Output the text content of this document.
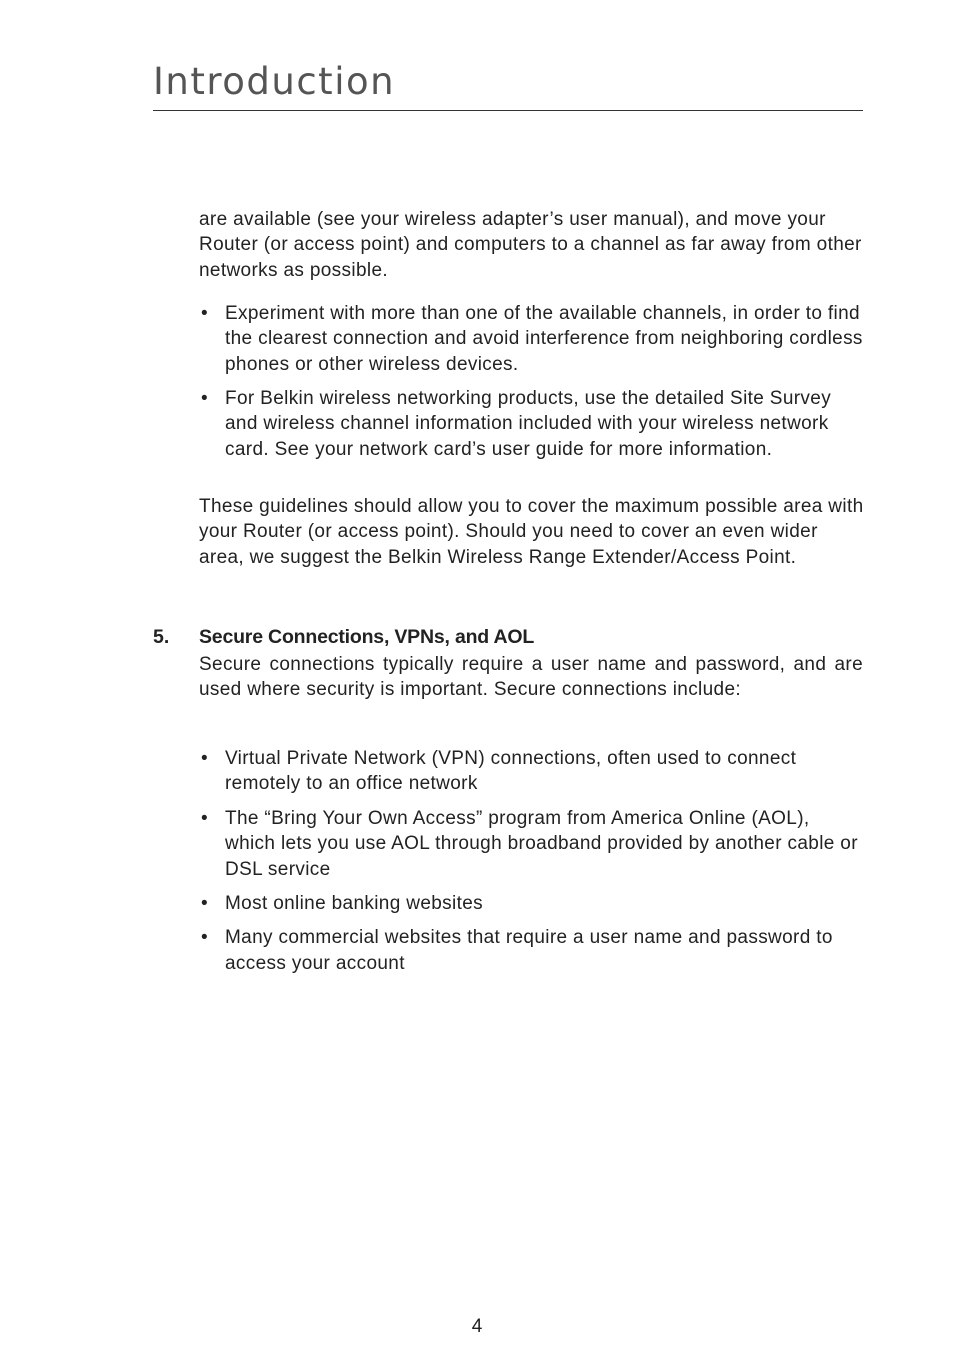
Introduction

are available (see your wireless adapter’s user manual), and move your Router (or access point) and computers to a channel as far away from other networks as possible.

• Experiment with more than one of the available channels, in order to find the clearest connection and avoid interference from neighboring cordless phones or other wireless devices.
• For Belkin wireless networking products, use the detailed Site Survey and wireless channel information included with your wireless network card. See your network card’s user guide for more information.

These guidelines should allow you to cover the maximum possible area with your Router (or access point). Should you need to cover an even wider area, we suggest the Belkin Wireless Range Extender/Access Point.

5. Secure Connections, VPNs, and AOL

Secure connections typically require a user name and password, and are used where security is important. Secure connections include:

• Virtual Private Network (VPN) connections, often used to connect remotely to an office network
• The “Bring Your Own Access” program from America Online (AOL), which lets you use AOL through broadband provided by another cable or DSL service
• Most online banking websites
• Many commercial websites that require a user name and password to access your account
4
